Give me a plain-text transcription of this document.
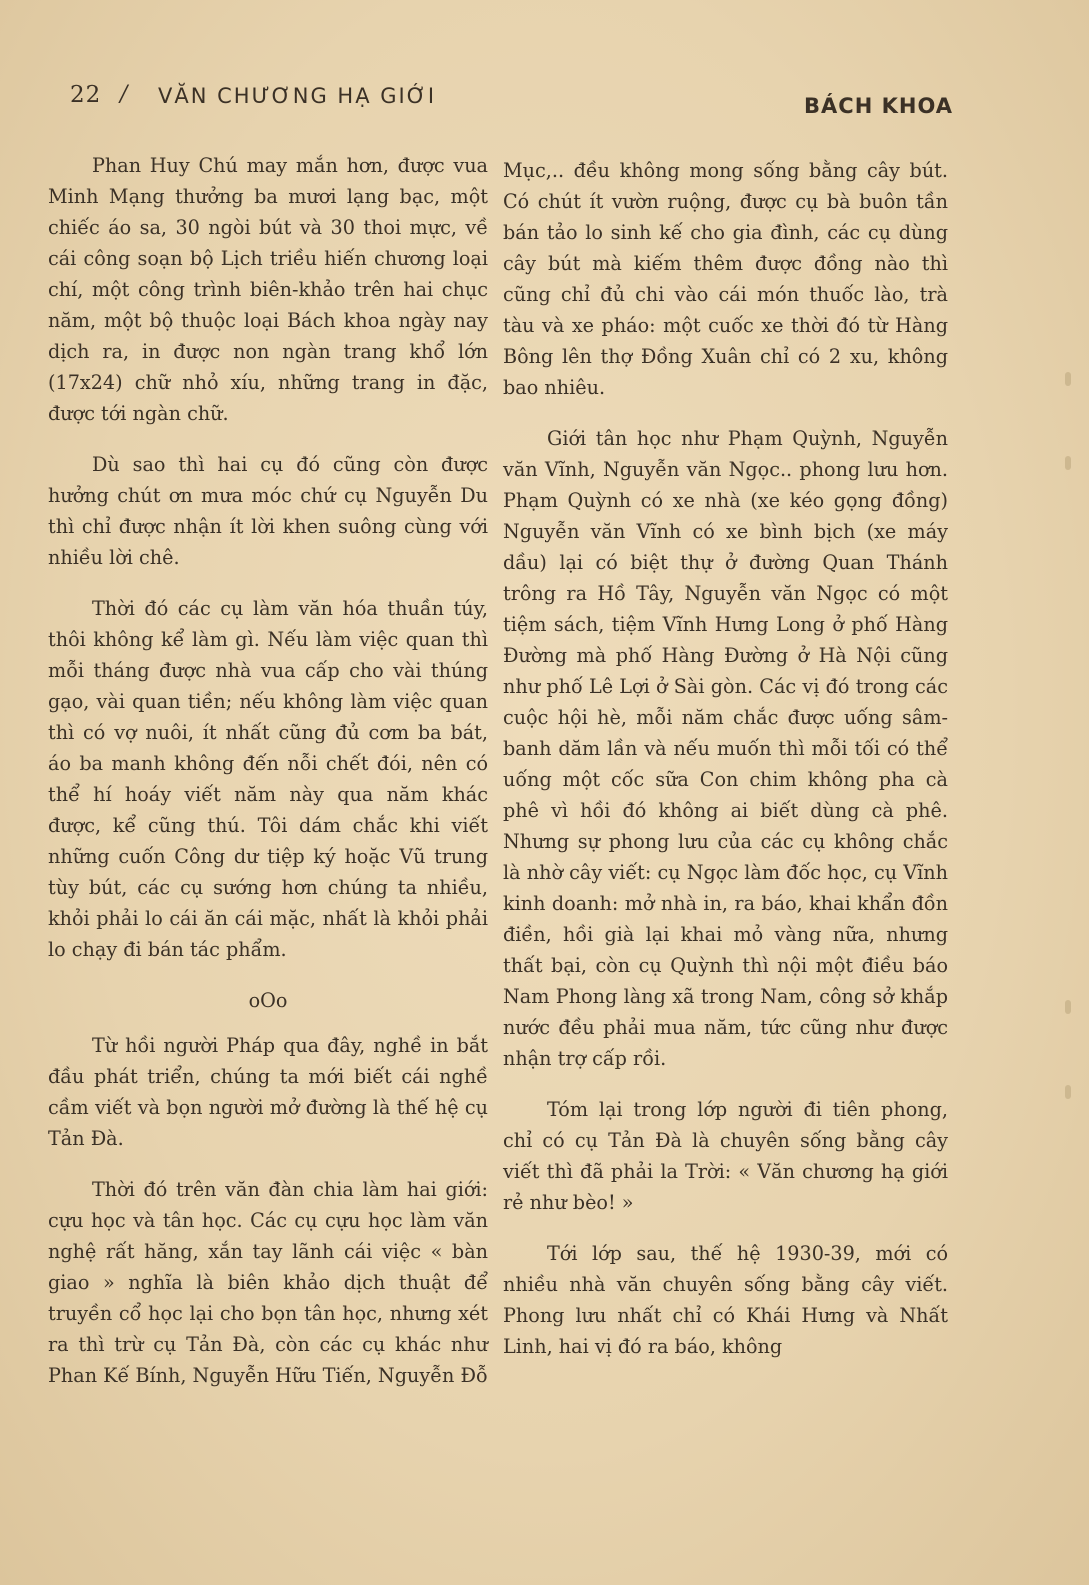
22 / VĂN CHƯƠNG HẠ GIỚI	BÁCH KHOA

Phan Huy Chú may mắn hơn, được vua Minh Mạng thưởng ba mươi lạng bạc, một chiếc áo sa, 30 ngòi bút và 30 thoi mực, về cái công soạn bộ Lịch triều hiến chương loại chí, một công trình biên-khảo trên hai chục năm, một bộ thuộc loại Bách khoa ngày nay dịch ra, in được non ngàn trang khổ lớn (17x24) chữ nhỏ xíu, những trang in đặc, được tới ngàn chữ.

Dù sao thì hai cụ đó cũng còn được hưởng chút ơn mưa móc chứ cụ Nguyễn Du thì chỉ được nhận ít lời khen suông cùng với nhiều lời chê.

Thời đó các cụ làm văn hóa thuần túy, thôi không kể làm gì. Nếu làm việc quan thì mỗi tháng được nhà vua cấp cho vài thúng gạo, vài quan tiền; nếu không làm việc quan thì có vợ nuôi, ít nhất cũng đủ cơm ba bát, áo ba manh không đến nỗi chết đói, nên có thể hí hoáy viết năm này qua năm khác được, kể cũng thú. Tôi dám chắc khi viết những cuốn Công dư tiệp ký hoặc Vũ trung tùy bút, các cụ sướng hơn chúng ta nhiều, khỏi phải lo cái ăn cái mặc, nhất là khỏi phải lo chạy đi bán tác phẩm.

oOo

Từ hồi người Pháp qua đây, nghề in bắt đầu phát triển, chúng ta mới biết cái nghề cầm viết và bọn người mở đường là thế hệ cụ Tản Đà.

Thời đó trên văn đàn chia làm hai giới: cựu học và tân học. Các cụ cựu học làm văn nghệ rất hăng, xắn tay lãnh cái việc « bàn giao » nghĩa là biên khảo dịch thuật để truyền cổ học lại cho bọn tân học, nhưng xét ra thì trừ cụ Tản Đà, còn các cụ khác như Phan Kế Bính, Nguyễn Hữu Tiến, Nguyễn Đỗ

Mục,.. đều không mong sống bằng cây bút. Có chút ít vườn ruộng, được cụ bà buôn tần bán tảo lo sinh kế cho gia đình, các cụ dùng cây bút mà kiếm thêm được đồng nào thì cũng chỉ đủ chi vào cái món thuốc lào, trà tàu và xe pháo: một cuốc xe thời đó từ Hàng Bông lên thợ Đồng Xuân chỉ có 2 xu, không bao nhiêu.

Giới tân học như Phạm Quỳnh, Nguyễn văn Vĩnh, Nguyễn văn Ngọc.. phong lưu hơn. Phạm Quỳnh có xe nhà (xe kéo gọng đồng) Nguyễn văn Vĩnh có xe bình bịch (xe máy dầu) lại có biệt thự ở đường Quan Thánh trông ra Hồ Tây, Nguyễn văn Ngọc có một tiệm sách, tiệm Vĩnh Hưng Long ở phố Hàng Đường mà phố Hàng Đường ở Hà Nội cũng như phố Lê Lợi ở Sài gòn. Các vị đó trong các cuộc hội hè, mỗi năm chắc được uống sâm-banh dăm lần và nếu muốn thì mỗi tối có thể uống một cốc sữa Con chim không pha cà phê vì hồi đó không ai biết dùng cà phê. Nhưng sự phong lưu của các cụ không chắc là nhờ cây viết: cụ Ngọc làm đốc học, cụ Vĩnh kinh doanh: mở nhà in, ra báo, khai khẩn đồn điền, hồi già lại khai mỏ vàng nữa, nhưng thất bại, còn cụ Quỳnh thì nội một điều báo Nam Phong làng xã trong Nam, công sở khắp nước đều phải mua năm, tức cũng như được nhận trợ cấp rồi.

Tóm lại trong lớp người đi tiên phong, chỉ có cụ Tản Đà là chuyên sống bằng cây viết thì đã phải la Trời: « Văn chương hạ giới rẻ như bèo! »

Tới lớp sau, thế hệ 1930-39, mới có nhiều nhà văn chuyên sống bằng cây viết. Phong lưu nhất chỉ có Khái Hưng và Nhất Linh, hai vị đó ra báo, không
